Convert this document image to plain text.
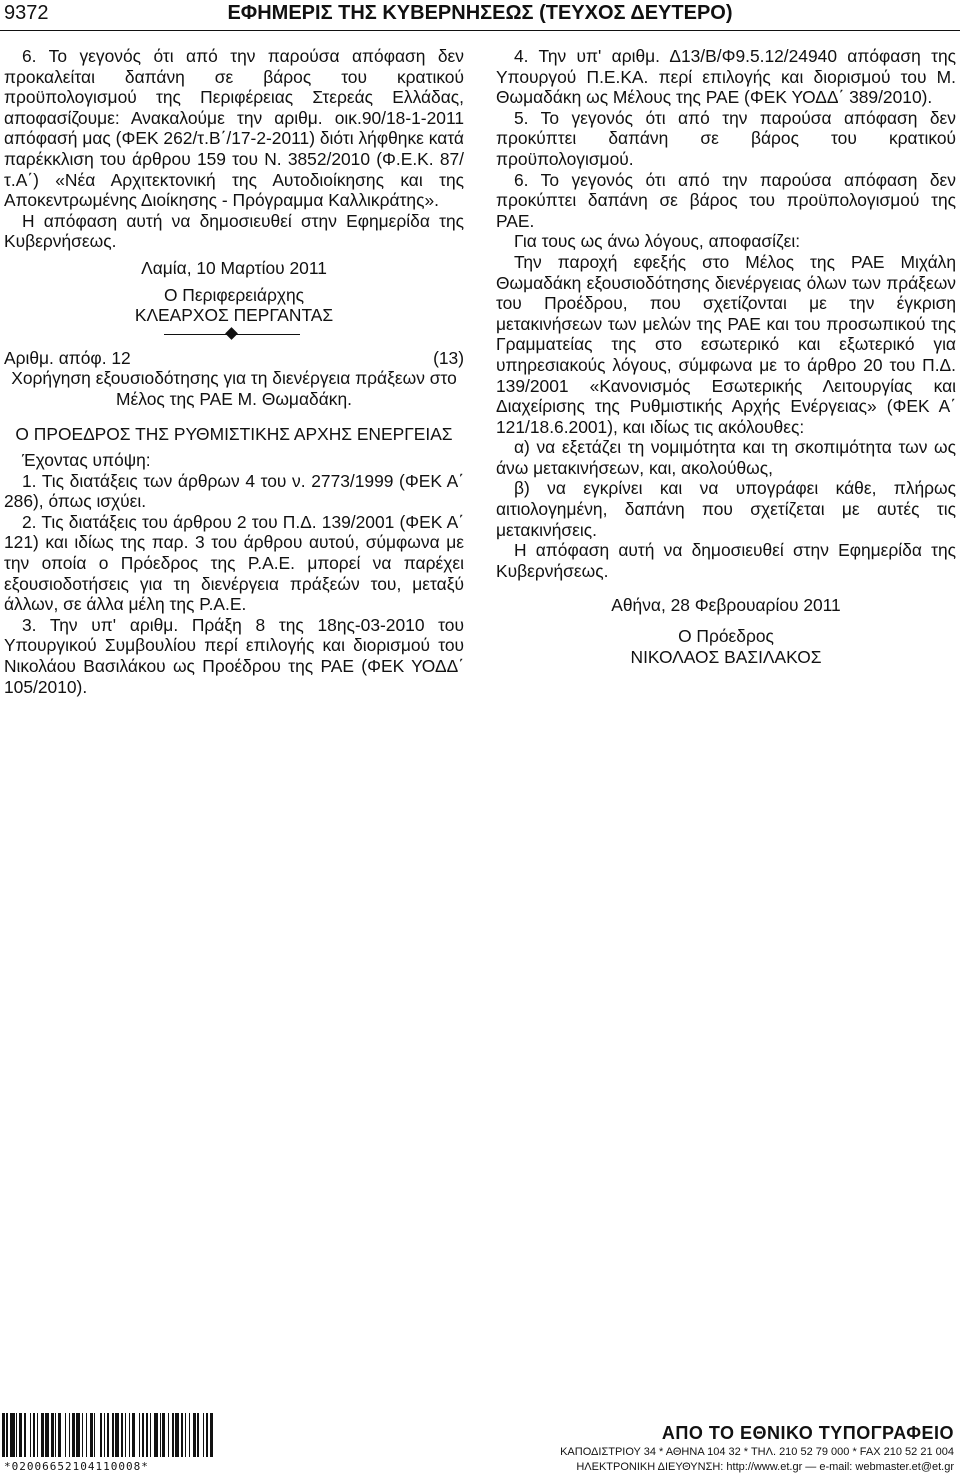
9372	ΕΦΗΜΕΡΙΣ ΤΗΣ ΚΥΒΕΡΝΗΣΕΩΣ (ΤΕΥΧΟΣ ΔΕΥΤΕΡΟ)

6. Το γεγονός ότι από την παρούσα απόφαση δεν προκαλείται δαπάνη σε βάρος του κρατικού προϋπολογισμού της Περιφέρειας Στερεάς Ελλάδας, αποφασίζουμε: Ανακαλούμε την αριθμ. οικ.90/18-1-2011 απόφασή μας (ΦΕΚ 262/τ.Β΄/17-2-2011) διότι λήφθηκε κατά παρέκκλιση του άρθρου 159 του Ν. 3852/2010 (Φ.Ε.Κ. 87/τ.Α΄) «Νέα Αρχιτεκτονική της Αυτοδιοίκησης και της Αποκεντρωμένης Διοίκησης - Πρόγραμμα Καλλικράτης».

Η απόφαση αυτή να δημοσιευθεί στην Εφημερίδα της Κυβερνήσεως.

Λαμία, 10 Μαρτίου 2011

Ο Περιφερειάρχης

ΚΛΕΑΡΧΟΣ ΠΕΡΓΑΝΤΑΣ

Αριθμ. απόφ. 12	(13)

Χορήγηση εξουσιοδότησης για τη διενέργεια πράξεων στο Μέλος της ΡΑΕ Μ. Θωμαδάκη.

Ο ΠΡΟΕΔΡΟΣ ΤΗΣ ΡΥΘΜΙΣΤΙΚΗΣ ΑΡΧΗΣ ΕΝΕΡΓΕΙΑΣ

Έχοντας υπόψη:

1. Τις διατάξεις των άρθρων 4 του ν. 2773/1999 (ΦΕΚ Α΄ 286), όπως ισχύει.

2. Τις διατάξεις του άρθρου 2 του Π.Δ. 139/2001 (ΦΕΚ Α΄ 121) και ιδίως της παρ. 3 του άρθρου αυτού, σύμφωνα με την οποία ο Πρόεδρος της Ρ.Α.Ε. μπορεί να παρέχει εξουσιοδοτήσεις για τη διενέργεια πράξεών του, μεταξύ άλλων, σε άλλα μέλη της Ρ.Α.Ε.

3. Την υπ' αριθμ. Πράξη 8 της 18ης-03-2010 του Υπουργικού Συμβουλίου περί επιλογής και διορισμού του Νικολάου Βασιλάκου ως Προέδρου της ΡΑΕ (ΦΕΚ ΥΟΔΔ΄ 105/2010).

4. Την υπ' αριθμ. Δ13/Β/Φ9.5.12/24940 απόφαση της Υπουργού Π.Ε.ΚΑ. περί επιλογής και διορισμού του Μ. Θωμαδάκη ως Μέλους της ΡΑΕ (ΦΕΚ ΥΟΔΔ΄ 389/2010).

5. Το γεγονός ότι από την παρούσα απόφαση δεν προκύπτει δαπάνη σε βάρος του κρατικού προϋπολογισμού.

6. Το γεγονός ότι από την παρούσα απόφαση δεν προκύπτει δαπάνη σε βάρος του προϋπολογισμού της ΡΑΕ.

Για τους ως άνω λόγους, αποφασίζει:

Την παροχή εφεξής στο Μέλος της ΡΑΕ Μιχάλη Θωμαδάκη εξουσιοδότησης διενέργειας όλων των πράξεων του Προέδρου, που σχετίζονται με την έγκριση μετακινήσεων των μελών της ΡΑΕ και του προσωπικού της Γραμματείας της στο εσωτερικό και εξωτερικό για υπηρεσιακούς λόγους, σύμφωνα με το άρθρο 20 του Π.Δ. 139/2001 «Κανονισμός Εσωτερικής Λειτουργίας και Διαχείρισης της Ρυθμιστικής Αρχής Ενέργειας» (ΦΕΚ Α΄ 121/18.6.2001), και ιδίως τις ακόλουθες:

α) να εξετάζει τη νομιμότητα και τη σκοπιμότητα των ως άνω μετακινήσεων, και, ακολούθως,

β) να εγκρίνει και να υπογράφει κάθε, πλήρως αιτιολογημένη, δαπάνη που σχετίζεται με αυτές τις μετακινήσεις.

Η απόφαση αυτή να δημοσιευθεί στην Εφημερίδα της Κυβερνήσεως.

Αθήνα, 28 Φεβρουαρίου 2011

Ο Πρόεδρος

ΝΙΚΟΛΑΟΣ ΒΑΣΙΛΑΚΟΣ

*02006652104110008*
ΑΠΟ ΤΟ ΕΘΝΙΚΟ ΤΥΠΟΓΡΑΦΕΙΟ
ΚΑΠΟΔΙΣΤΡΙΟΥ 34 * ΑΘΗΝΑ 104 32 * ΤΗΛ. 210 52 79 000 * FAX 210 52 21 004
ΗΛΕΚΤΡΟΝΙΚΗ ΔΙΕΥΘΥΝΣΗ: http://www.et.gr — e-mail: webmaster.et@et.gr
